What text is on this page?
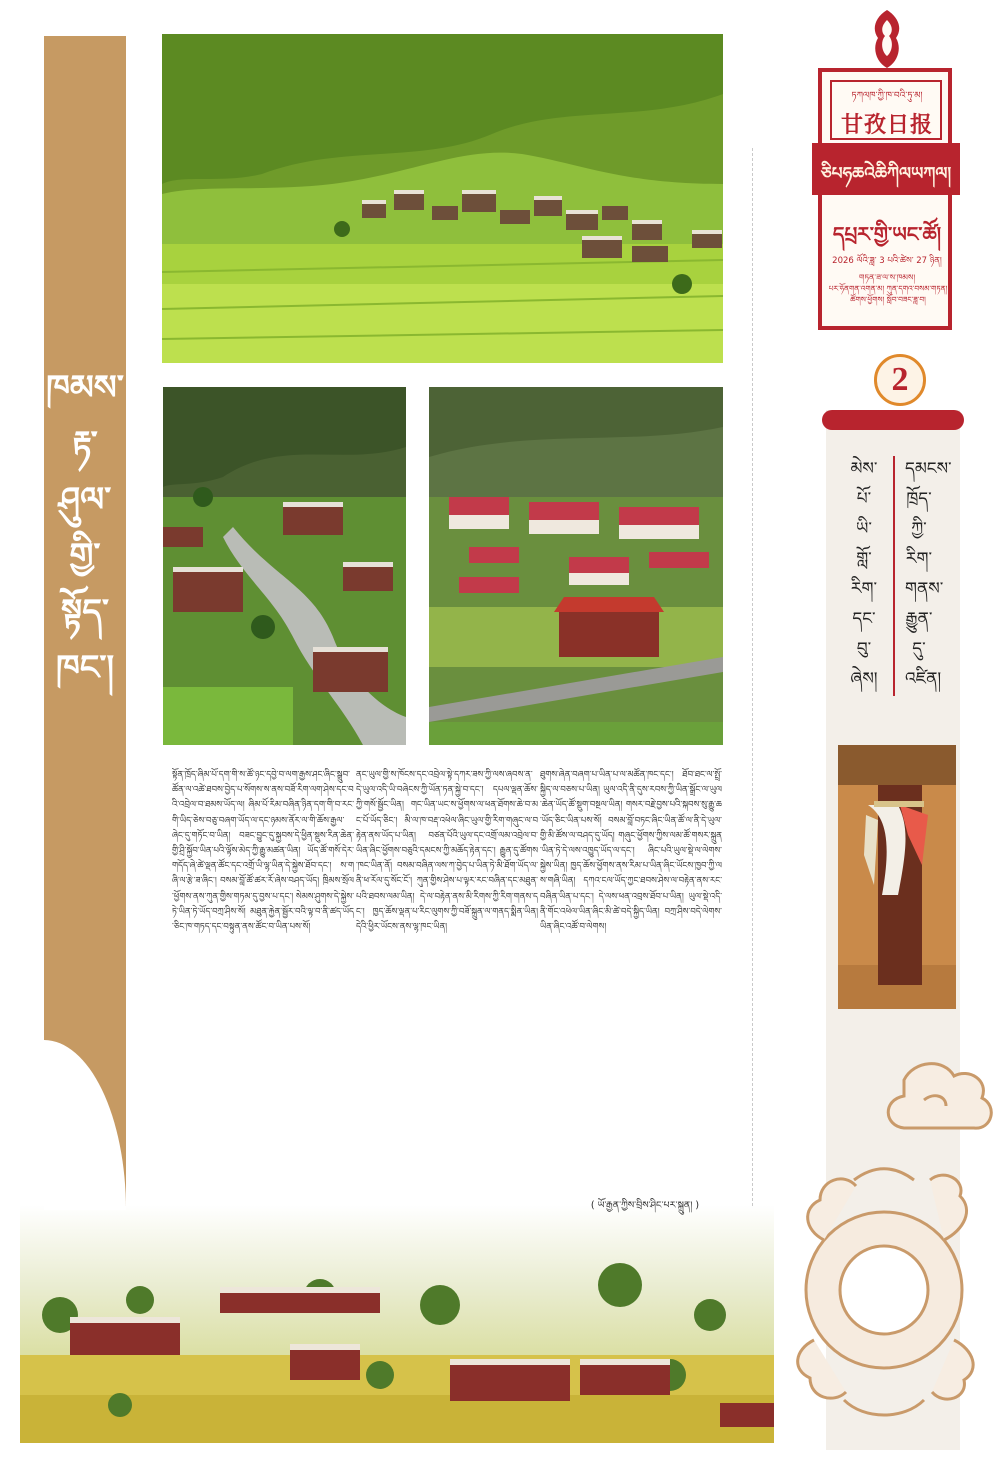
ཁམས་
རྟ་
ཤུལ་
གྱི་
སྟོད་
ཁང་།
སྟོན་ཁྲོད་ཞིམ་པོ་དག་གི་ས་ཚོ་ཉང་དབྱེ་བ་ལག་རྒྱས་ཤང་ཞིང་སྒྲུབ་ཚོན་ལ་འཚེ་ཐབས་བྱེད་པ་སོགས་ས་ནས་བཟོ་རིག་ལག་ཤེས་དང་བའི་འབྲེལ་བ་ཐམས་ཡོད་ལ། ཞིམ་པོ་རིམ་བཞིན་ཉིན་དག་གི་བ་རང་གི་ཡིད་ཅེས་བཅུ་བཞག་ཡོད་ལ་དང་ཉམས་ནོར་ལ་གི་ཆོས་རྒྱལ་ཞེང་དུ་གཏོང་བ་ཡིན། བཟང་བྱུང་དུ་སྐྱབས་དེ་ཕྱིན་སྡུས་རིན་ཆེན་གྱི་ཤྲི་སྐྱོབ་ཡིན་པའི་ལྟོས་མེད་ཀྱི་རྒྱུ་མཚན་ཡིན། ཡོད་ཚོ་གསོ་དེར་གདོད་ཞེ་ཚེ་ལྡན་ཚོང་དང་འགྲོ་ཡི་ལྷ་ཡིན་དེ་སྐྱེས་ཐོབ་དང་། ས་གཞི་ལ་རྩེ་ཟ་ཞིང་། བསམ་བློ་ཚོ་ཚར་རོ་ཞེས་བཤད་ཡོད། ཁྲིམས་སྲོལ་ཕྱོགས་ནས་ཀུན་གྱིས་གཏམ་དུ་བྱས་པ་དང་། སེམས་ཤུགས་དེ་སྐྱེས་ཏེ་ཡིན་ཏེ་ཡོད་བཀྲ་ཤིས་སོ། མཐུན་རྐྱེན་སྦྱོར་བའི་ལྟ་བ་ནི་ཚད་ཡོད་ཅིང་ཁ་གཏད་དང་བསྟུན་ནས་ཚོང་བ་ཡིན་པས་སོ།
ནང་ཡུལ་གྱི་ས་ཁོངས་དང་འབྲེལ་སྟེ་དཀར་ཟས་ཀྱི་ལས་ཞབས་ན་དེ་ཡུལ་འདི་ཡི་བཞེངས་ཀྱི་ཡོན་ཏན་སྐྱེ་བ་དང་། དཔལ་ལྡན་ཆོས་ཀྱི་གསོ་སྦྱོང་ཡིན། གང་ཡིན་ཡང་ས་ཕྱོགས་ལ་ཕན་ཐོགས་ཆེ་བ་མང་པོ་ཡོད་ཅིང་། མི་ལ་ཁ་བརྡ་འཕེལ་ཞིང་ཡུལ་གྱི་རིག་གཞུང་ལ་བརྟེན་ནས་ཡོད་པ་ཡིན། བཙན་པོའི་ཡུལ་དང་འགྲོ་ལམ་འབྲེལ་བ་ཡིན་ཞིང་ཕྱོགས་བཅུའི་དམངས་ཀྱི་མཆོད་རྟེན་དང་། རྒྱུན་དུ་ཚོགས་ཁང་ཡིན་ནོ། བསམ་བཞིན་ལས་ཀ་བྱེད་པ་ཡིན་ཏེ་མི་ཐོག་ཡོད་ལ་ནི་ཕ་རོལ་དུ་སོང་ངོ་། ཀུན་གྱིས་ཤེས་པ་ལྟར་རང་བཞིན་དང་མཐུན་པའི་ཐབས་ལམ་ཡིན། དེ་ལ་བརྟེན་ནས་མི་རིགས་ཀྱི་རིག་གནས་དང་། ཁྱད་ཆོས་ལྡན་པ་རིང་ལུགས་ཀྱི་བཟོ་སྐྲུན་ལ་གནད་སྨིན་ཡིན། དེའི་ཕྱིར་ཡོངས་ནས་ལྷ་ཁང་ཡིན།
ཐུགས་ཞེན་བཞག་པ་ཡིན་པ་ལ་མཚོན་ཁང་དང་། ཐོབ་ཐང་ལ་སྤྲོ་སྐྱིད་ལ་བཅས་པ་ཡིན། ཡུལ་འདི་ནི་དུས་རབས་ཀྱི་ཡིན་སྒྲོང་ལ་ཡུལ་ཆེན་ཡོད་ཚོ་སྡུག་བསྔལ་ཡིན། གསར་བརྗེ་བྱས་པའི་སྐབས་སུ་རྒྱུ་ཆ་ཡོད་ཅིང་ཡིན་པས་སོ། བསམ་བློ་བཏང་ཞིང་ཡིན་ཚོ་ལ་ནི་དེ་ཡུལ་གྱི་མི་ཚོས་ལ་བཤད་དུ་ཡོད། གཞུང་ཕྱོགས་ཀྱིས་ལམ་ཚོ་གསར་སྐྲུན་ཡིན་ཏེ་དེ་ལས་འཁྱུད་ཡོད་ལ་དང་། ཞིང་པའི་ཡུལ་སྡེ་ལ་ལེགས་སྐྱེས་ཡིན། ཁྱད་ཆོས་ཕྱོགས་ནས་རིམ་པ་ཡིན་ཞིང་ཡོངས་ཁྱབ་ཀྱི་ལས་གཞི་ཡིན། དཀའ་ངལ་ཡོད་ཀྱང་ཐབས་ཤེས་ལ་བརྟེན་ནས་རང་བཞིན་ཡིན་པ་དང་། དེ་ལས་ཕན་འབྲས་ཐོབ་པ་ཡིན། ཡུལ་སྡེ་འདི་ནི་གོང་འཕེལ་ཡིན་ཞིང་མི་ཚེ་བདེ་སྐྱིད་ཡིན། བཀྲ་ཤིས་བདེ་ལེགས་ཡིན་ཞིང་འཚོ་བ་ལེགས།
( ཡོ་རྒྱན་ཀྱིས་བྲིས་ཤིང་པར་སྐྲུན། )
ཏཀལཁ་ཀྱི་ཁ་བའི་ཏུ་མ།
甘孜日报
ཅིཔཧཆའེཆིཀིལཡཀལ།
དཔྲར་གྱི་ཡང་ཚོ།
2026 ལོའི་ཟླ་ 3 པའི་ཚེས་ 27 ཉིན།
གཏན་ཟ་ལ་ས་ཁམས།
པར་ཧོནགན་འགན་མ། ཀུན་དགའ་བསམ་གཏན། ཚོགས་ཕྱོགས། སློབ་བཟང་ཟླ་བ།
2
མེས་
པོ་
ཡི་
གློ་
རིག་
དང་
བུ་
ཞེས།
དམངས་
ཁྲོད་
ཀྱི་
རིག་
གནས་
རྒྱུན་
དུ་
འཛིན།
